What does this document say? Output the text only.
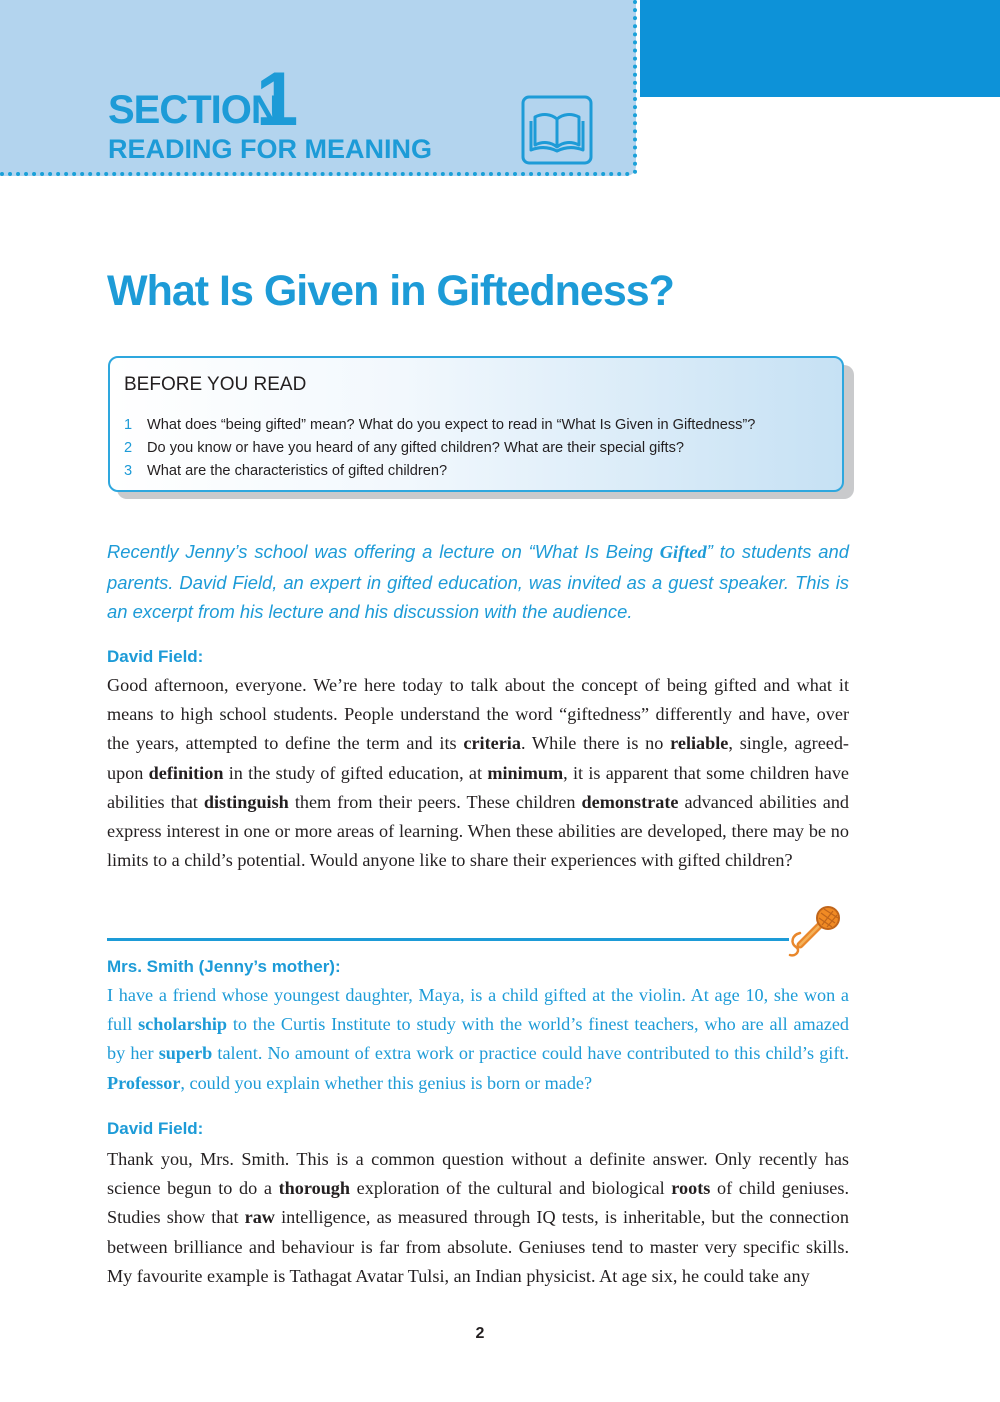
SECTION
1
READING FOR MEANING
What Is Given in Giftedness?
BEFORE YOU READ
1 What does “being gifted” mean? What do you expect to read in “What Is Given in Giftedness”?
2 Do you know or have you heard of any gifted children? What are their special gifts?
3 What are the characteristics of gifted children?
Recently Jenny’s school was offering a lecture on “What Is Being Gifted” to students and parents. David Field, an expert in gifted education, was invited as a guest speaker. This is an excerpt from his lecture and his discussion with the audience.
David Field:

Good afternoon, everyone. We’re here today to talk about the concept of being gifted and what it means to high school students. People understand the word “giftedness” differently and have, over the years, attempted to define the term and its criteria. While there is no reliable, single, agreed-upon definition in the study of gifted education, at minimum, it is apparent that some children have abilities that distinguish them from their peers. These children demonstrate advanced abilities and express interest in one or more areas of learning. When these abilities are developed, there may be no limits to a child’s potential. Would anyone like to share their experiences with gifted children?

Mrs. Smith (Jenny’s mother):

I have a friend whose youngest daughter, Maya, is a child gifted at the violin. At age 10, she won a full scholarship to the Curtis Institute to study with the world’s finest teachers, who are all amazed by her superb talent. No amount of extra work or practice could have contributed to this child’s gift. Professor, could you explain whether this genius is born or made?

David Field:

Thank you, Mrs. Smith. This is a common question without a definite answer. Only recently has science begun to do a thorough exploration of the cultural and biological roots of child geniuses. Studies show that raw intelligence, as measured through IQ tests, is inheritable, but the connection between brilliance and behaviour is far from absolute. Geniuses tend to master very specific skills. My favourite example is Tathagat Avatar Tulsi, an Indian physicist. At age six, he could take any

2
